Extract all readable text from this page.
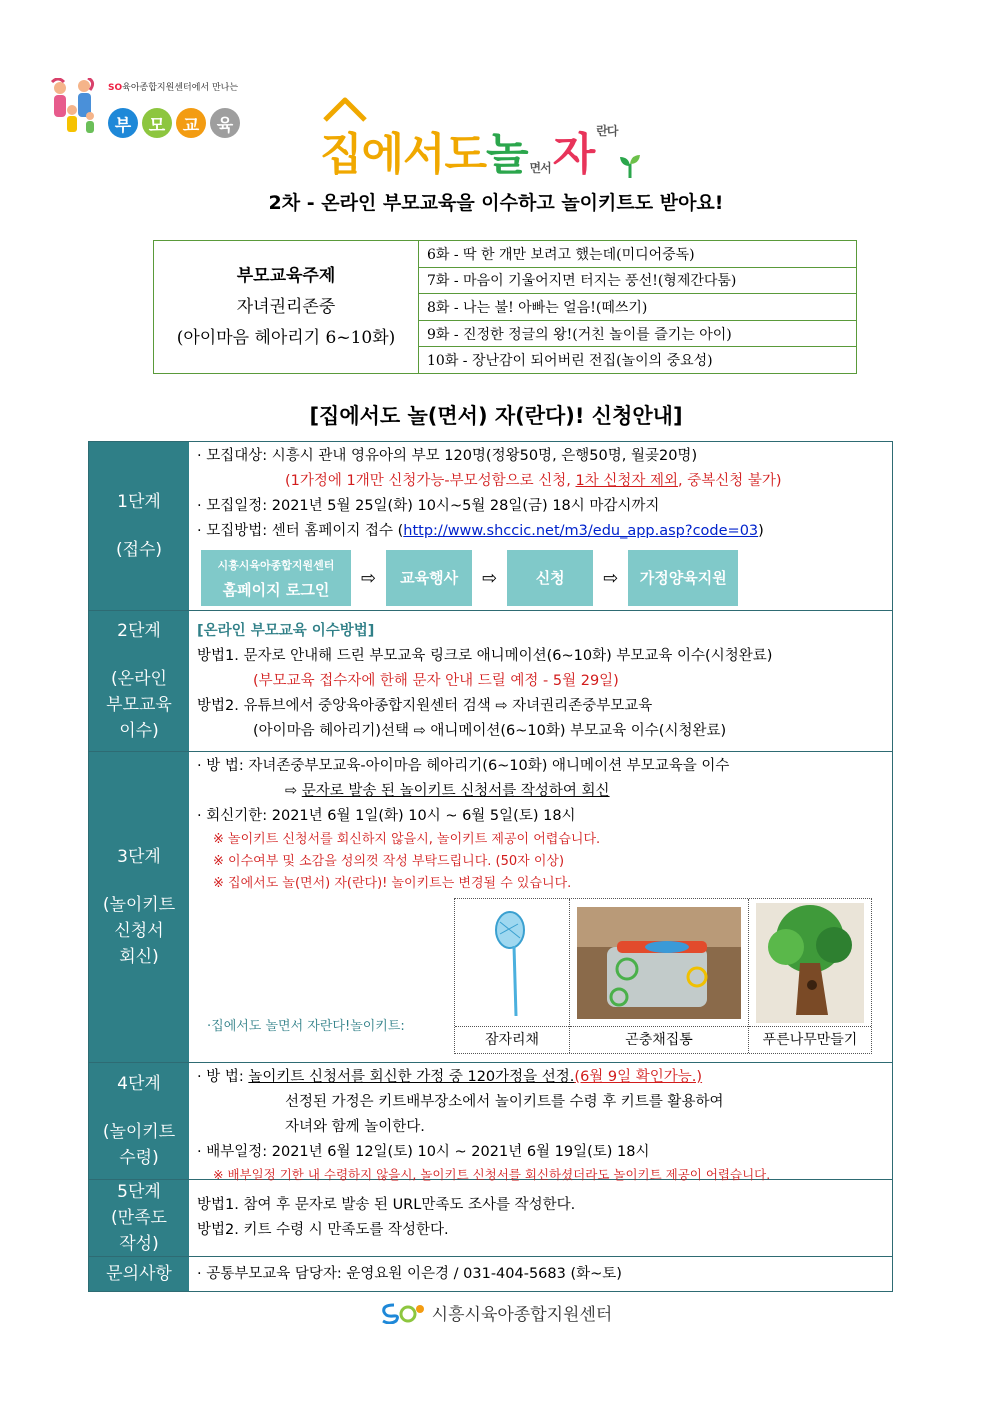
SO육아종합지원센터에서 만나는
부	모	교	육
집에서도 놀 면서 자 란다
2차 - 온라인 부모교육을 이수하고 놀이키트도 받아요!
부모교육주제
자녀권리존중
(아이마음 헤아리기 6~10화)
6화 - 딱 한 개만 보려고 했는데(미디어중독)
7화 - 마음이 기울어지면 터지는 풍선!(형제간다툼)
8화 - 나는 불! 아빠는 얼음!(떼쓰기)
9화 - 진정한 정글의 왕!(거친 놀이를 즐기는 아이)
10화 - 장난감이 되어버린 전집(놀이의 중요성)
[집에서도 놀(면서) 자(란다)! 신청안내]
1단계
(접수)
· 모집대상: 시흥시 관내 영유아의 부모 120명(정왕50명, 은행50명, 월곶20명)
(1가정에 1개만 신청가능-부모성함으로 신청, 1차 신청자 제외, 중복신청 불가)
· 모집일정: 2021년 5월 25일(화) 10시~5월 28일(금) 18시 마감시까지
· 모집방법: 센터 홈페이지 접수 (http://www.shccic.net/m3/edu_app.asp?code=03)
시흥시육아종합지원센터
홈페이지 로그인
⇨ 교육행사 ⇨	신청 ⇨ 가정양육지원
2단계
(온라인
부모교육
이수)
[온라인 부모교육 이수방법]
방법1. 문자로 안내해 드린 부모교육 링크로 애니메이션(6~10화) 부모교육 이수(시청완료)
(부모교육 접수자에 한해 문자 안내 드릴 예정 - 5월 29일)
방법2. 유튜브에서 중앙육아종합지원센터 검색 ⇨ 자녀권리존중부모교육
(아이마음 헤아리기)선택 ⇨ 애니메이션(6~10화) 부모교육 이수(시청완료)
3단계
(놀이키트
신청서
회신)
· 방 법: 자녀존중부모교육-아이마음 헤아리기(6~10화) 애니메이션 부모교육을 이수
⇨ 문자로 발송 된 놀이키트 신청서를 작성하여 회신
· 회신기한: 2021년 6월 1일(화) 10시 ~ 6월 5일(토) 18시
※ 놀이키트 신청서를 회신하지 않을시, 놀이키트 제공이 어렵습니다.
※ 이수여부 및 소감을 성의껏 작성 부탁드립니다. (50자 이상)
※ 집에서도 놀(면서) 자(란다)! 놀이키트는 변경될 수 있습니다.
·집에서도 놀면서 자란다!놀이키트:
잠자리채	곤충채집통	푸른나무만들기
4단계
(놀이키트
수령)
· 방 법: 놀이키트 신청서를 회신한 가정 중 120가정을 선정.(6월 9일 확인가능.)
선정된 가정은 키트배부장소에서 놀이키트를 수령 후 키트를 활용하여
자녀와 함께 놀이한다.
· 배부일정: 2021년 6월 12일(토) 10시 ~ 2021년 6월 19일(토) 18시
※ 배부일정 기한 내 수령하지 않을시, 놀이키트 신청서를 회신하셨더라도 놀이키트 제공이 어렵습니다.
5단계
(만족도
작성)
방법1. 참여 후 문자로 발송 된 URL만족도 조사를 작성한다.
방법2. 키트 수령 시 만족도를 작성한다.
문의사항	· 공통부모교육 담당자: 운영요원 이은경 / 031-404-5683 (화~토)
시흥시육아종합지원센터
